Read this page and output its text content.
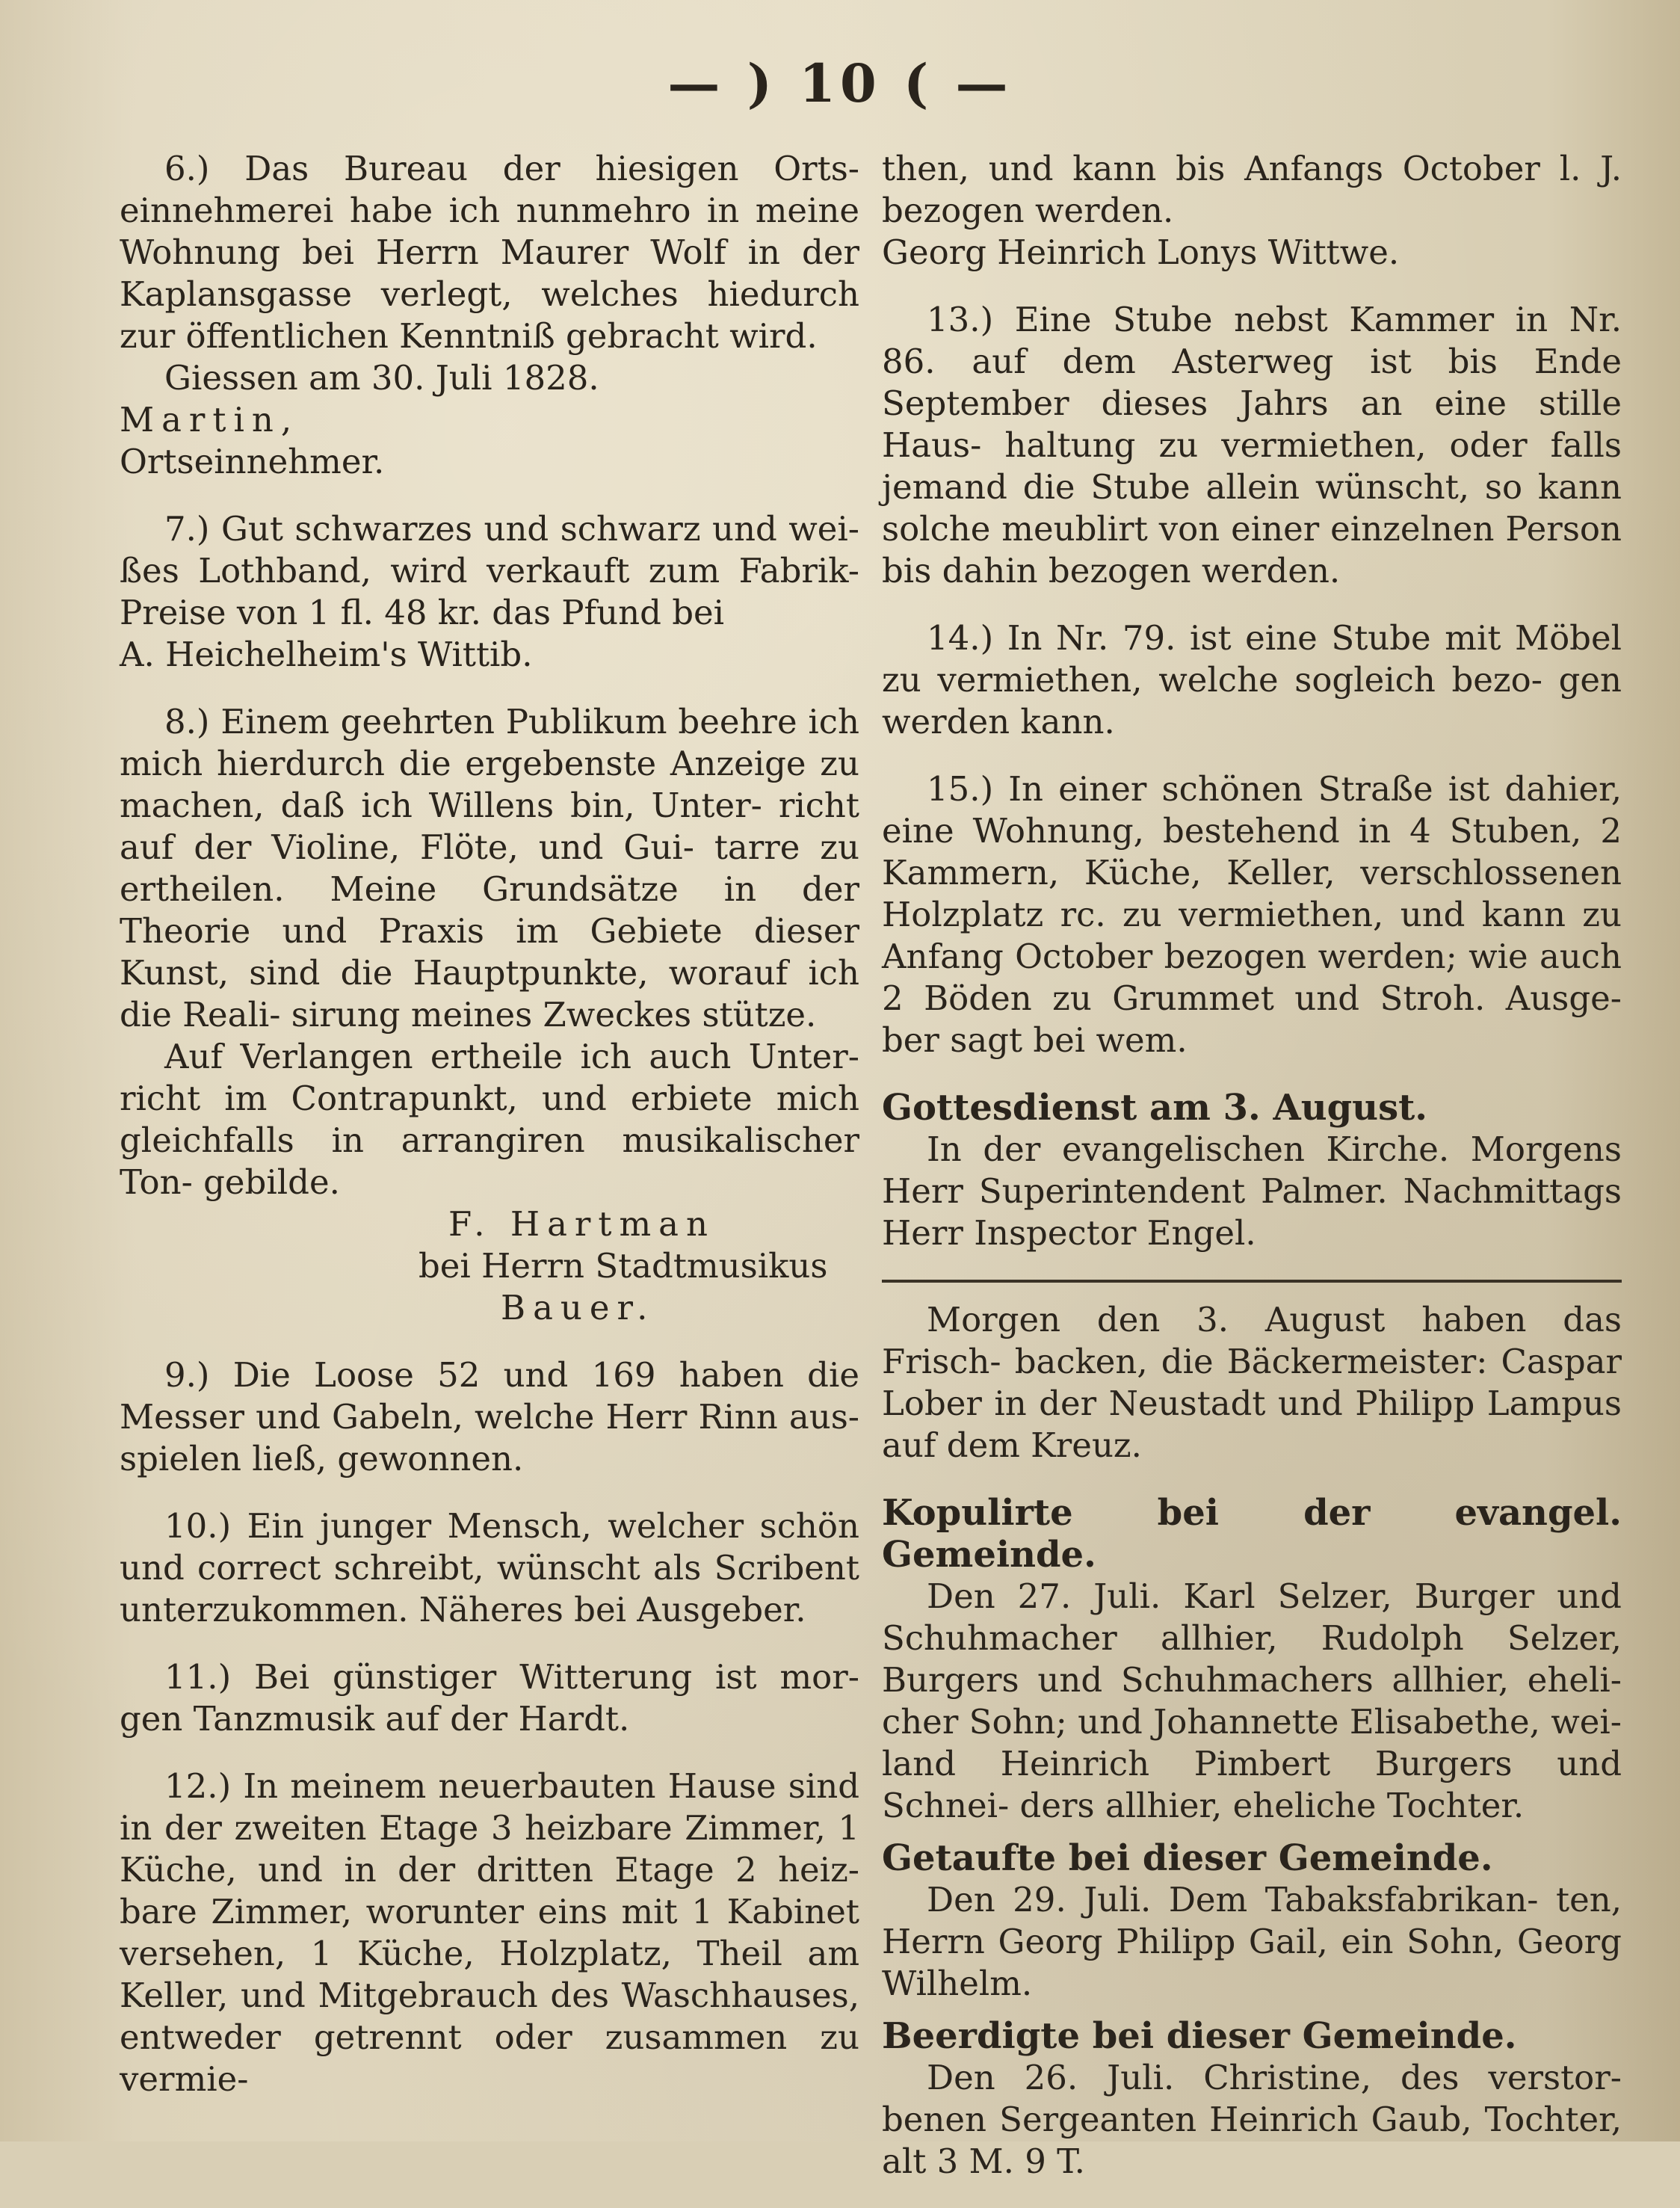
— ) 10 ( —

6.) Das Bureau der hiesigen Orts- einnehmerei habe ich nunmehro in meine Wohnung bei Herrn Maurer Wolf in der Kaplansgasse verlegt, welches hiedurch zur öffentlichen Kenntniß gebracht wird.

Giessen am 30. Juli 1828.

Martin,

Ortseinnehmer.

7.) Gut schwarzes und schwarz und wei- ßes Lothband, wird verkauft zum Fabrik- Preise von 1 fl. 48 kr. das Pfund bei

A. Heichelheim's Wittib.

8.) Einem geehrten Publikum beehre ich mich hierdurch die ergebenste Anzeige zu machen, daß ich Willens bin, Unter- richt auf der Violine, Flöte, und Gui- tarre zu ertheilen. Meine Grundsätze in der Theorie und Praxis im Gebiete dieser Kunst, sind die Hauptpunkte, worauf ich die Reali- sirung meines Zweckes stütze.

Auf Verlangen ertheile ich auch Unter- richt im Contrapunkt, und erbiete mich gleichfalls in arrangiren musikalischer Ton- gebilde.

F. Hartman

bei Herrn Stadtmusikus

Bauer.

9.) Die Loose 52 und 169 haben die Messer und Gabeln, welche Herr Rinn aus- spielen ließ, gewonnen.

10.) Ein junger Mensch, welcher schön und correct schreibt, wünscht als Scribent unterzukommen. Näheres bei Ausgeber.

11.) Bei günstiger Witterung ist mor- gen Tanzmusik auf der Hardt.

12.) In meinem neuerbauten Hause sind in der zweiten Etage 3 heizbare Zimmer, 1 Küche, und in der dritten Etage 2 heiz- bare Zimmer, worunter eins mit 1 Kabinet versehen, 1 Küche, Holzplatz, Theil am Keller, und Mitgebrauch des Waschhauses, entweder getrennt oder zusammen zu vermie-

then, und kann bis Anfangs October l. J. bezogen werden.

Georg Heinrich Lonys Wittwe.

13.) Eine Stube nebst Kammer in Nr. 86. auf dem Asterweg ist bis Ende September dieses Jahrs an eine stille Haus- haltung zu vermiethen, oder falls jemand die Stube allein wünscht, so kann solche meublirt von einer einzelnen Person bis dahin bezogen werden.

14.) In Nr. 79. ist eine Stube mit Möbel zu vermiethen, welche sogleich bezo- gen werden kann.

15.) In einer schönen Straße ist dahier, eine Wohnung, bestehend in 4 Stuben, 2 Kammern, Küche, Keller, verschlossenen Holzplatz rc. zu vermiethen, und kann zu Anfang October bezogen werden; wie auch 2 Böden zu Grummet und Stroh. Ausge- ber sagt bei wem.

Gottesdienst am 3. August.

In der evangelischen Kirche. Morgens Herr Superintendent Palmer. Nachmittags Herr Inspector Engel.

Morgen den 3. August haben das Frisch- backen, die Bäckermeister: Caspar Lober in der Neustadt und Philipp Lampus auf dem Kreuz.

Kopulirte bei der evangel. Gemeinde.

Den 27. Juli. Karl Selzer, Burger und Schuhmacher allhier, Rudolph Selzer, Burgers und Schuhmachers allhier, eheli- cher Sohn; und Johannette Elisabethe, wei- land Heinrich Pimbert Burgers und Schnei- ders allhier, eheliche Tochter.

Getaufte bei dieser Gemeinde.

Den 29. Juli. Dem Tabaksfabrikan- ten, Herrn Georg Philipp Gail, ein Sohn, Georg Wilhelm.

Beerdigte bei dieser Gemeinde.

Den 26. Juli. Christine, des verstor- benen Sergeanten Heinrich Gaub, Tochter, alt 3 M. 9 T.
